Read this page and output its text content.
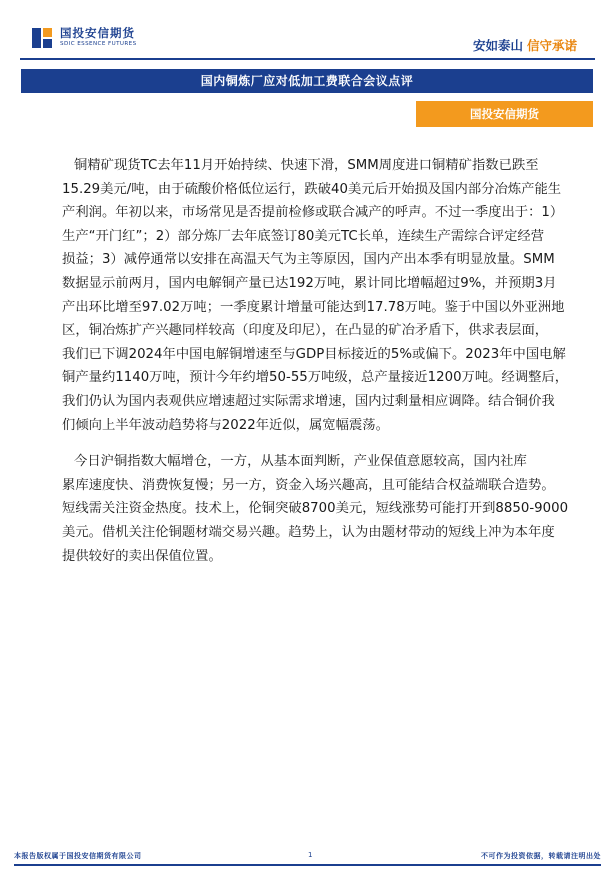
国投安信期货
SDIC ESSENCE FUTURES	安如泰山 信守承诺
国内铜炼厂应对低加工费联合会议点评
国投安信期货

铜精矿现货TC去年11月开始持续、快速下滑，SMM周度进口铜精矿指数已跌至
15.29美元/吨，由于硫酸价格低位运行，跌破40美元后开始损及国内部分冶炼产能生
产利润。年初以来，市场常见是否提前检修或联合减产的呼声。不过一季度出于：1）
生产“开门红”；2）部分炼厂去年底签订80美元TC长单，连续生产需综合评定经营
损益；3）减停通常以安排在高温天气为主等原因，国内产出本季有明显放量。SMM
数据显示前两月，国内电解铜产量已达192万吨，累计同比增幅超过9%，并预期3月
产出环比增至97.02万吨；一季度累计增量可能达到17.78万吨。鉴于中国以外亚洲地
区，铜冶炼扩产兴趣同样较高（印度及印尼），在凸显的矿冶矛盾下，供求表层面，
我们已下调2024年中国电解铜增速至与GDP目标接近的5%或偏下。2023年中国电解
铜产量约1140万吨，预计今年约增50-55万吨级，总产量接近1200万吨。经调整后，
我们仍认为国内表观供应增速超过实际需求增速，国内过剩量相应调降。结合铜价我
们倾向上半年波动趋势将与2022年近似，属宽幅震荡。

今日沪铜指数大幅增仓，一方，从基本面判断，产业保值意愿较高，国内社库
累库速度快、消费恢复慢；另一方，资金入场兴趣高，且可能结合权益端联合造势。
短线需关注资金热度。技术上，伦铜突破8700美元，短线涨势可能打开到8850-9000
美元。借机关注伦铜题材端交易兴趣。趋势上，认为由题材带动的短线上冲为本年度
提供较好的卖出保值位置。

本报告版权属于国投安信期货有限公司	1	不可作为投资依据，转载请注明出处
